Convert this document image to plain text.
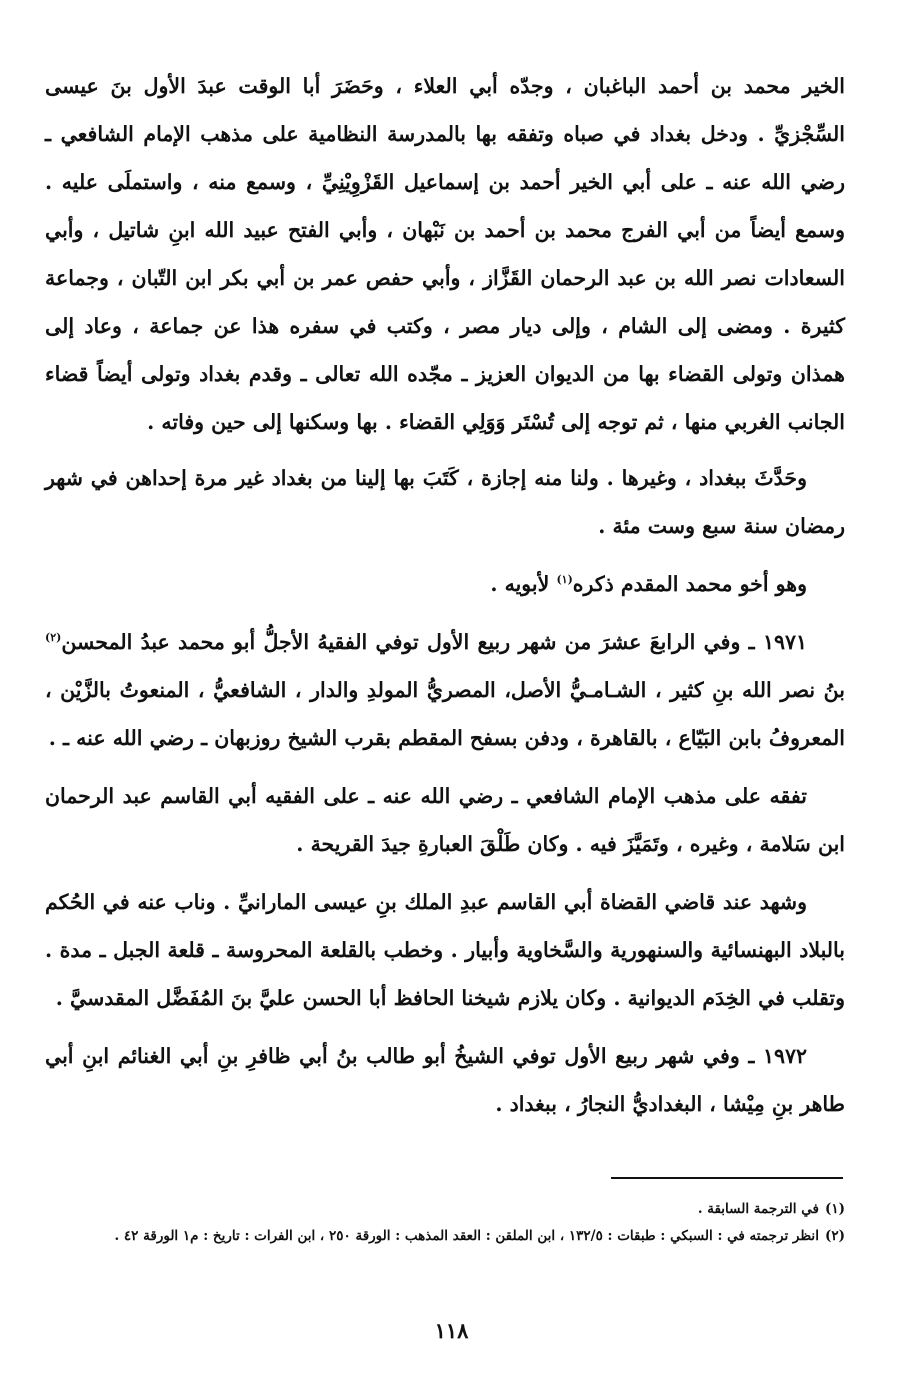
الخير محمد بن أحمد الباغبان ، وجدّه أبي العلاء ، وحَضَرَ أبا الوقت عبدَ الأول بنَ عيسى السِّجْزيِّ . ودخل بغداد في صباه وتفقه بها بالمدرسة النظامية على مذهب الإمام الشافعي ـ رضي الله عنه ـ على أبي الخير أحمد بن إسماعيل القَزْوِيْنِيِّ ، وسمع منه ، واستملَى عليه . وسمع أيضاً من أبي الفرج محمد بن أحمد بن نَبْهان ، وأبي الفتح عبيد الله ابنِ شاتيل ، وأبي السعادات نصر الله بن عبد الرحمان القَزَّاز ، وأبي حفص عمر بن أبي بكر ابن التّبان ، وجماعة كثيرة . ومضى إلى الشام ، وإلى ديار مصر ، وكتب في سفره هذا عن جماعة ، وعاد إلى همذان وتولى القضاء بها من الديوان العزيز ـ مجّده الله تعالى ـ وقدم بغداد وتولى أيضاً قضاء الجانب الغربي منها ، ثم توجه إلى تُسْتَر وَوَلِي القضاء . بها وسكنها إلى حين وفاته .

وحَدَّثَ ببغداد ، وغيرها . ولنا منه إجازة ، كَتَبَ بها إلينا من بغداد غير مرة إحداهن في شهر رمضان سنة سبع وست مئة .

وهو أخو محمد المقدم ذكره$^{(١)}$ لأبويه .

١٩٧١ ـ وفي الرابعَ عشرَ من شهر ربيع الأول توفي الفقيهُ الأجلُّ أبو محمد عبدُ المحسن$^{(٢)}$ بنُ نصر الله بنِ كثير ، الشـامـيُّ الأصل، المصريُّ المولدِ والدار ، الشافعيُّ ، المنعوتُ بالزَّيْن ، المعروفُ بابن البَيّاع ، بالقاهرة ، ودفن بسفح المقطم بقرب الشيخ روزبهان ـ رضي الله عنه ـ .

تفقه على مذهب الإمام الشافعي ـ رضي الله عنه ـ على الفقيه أبي القاسم عبد الرحمان ابن سَلامة ، وغيره ، وتَمَيَّزَ فيه . وكان طَلْقَ العبارةِ جيدَ القريحة .

وشهد عند قاضي القضاة أبي القاسم عبدِ الملك بنِ عيسى المارانيِّ . وناب عنه في الحُكم بالبلاد البهنسائية والسنهورية والسَّخاوية وأبيار . وخطب بالقلعة المحروسة ـ قلعة الجبل ـ مدة . وتقلب في الخِدَم الديوانية . وكان يلازم شيخنا الحافظ أبا الحسن عليَّ بنَ المُفَضَّل المقدسيَّ .

١٩٧٢ ـ وفي شهر ربيع الأول توفي الشيخُ أبو طالب بنُ أبي ظافرِ بنِ أبي الغنائم ابنِ أبي طاهر بنِ مِيْشا ، البغداديُّ النجارُ ، ببغداد .

(١)في الترجمة السابقة .

(٢)انظر ترجمته في : السبكي : طبقات : ١٣٢/٥ ، ابن الملقن : العقد المذهب : الورقة ٢٥٠ ، ابن الفرات : تاريخ : م١ الورقة ٤٢ .

١١٨
